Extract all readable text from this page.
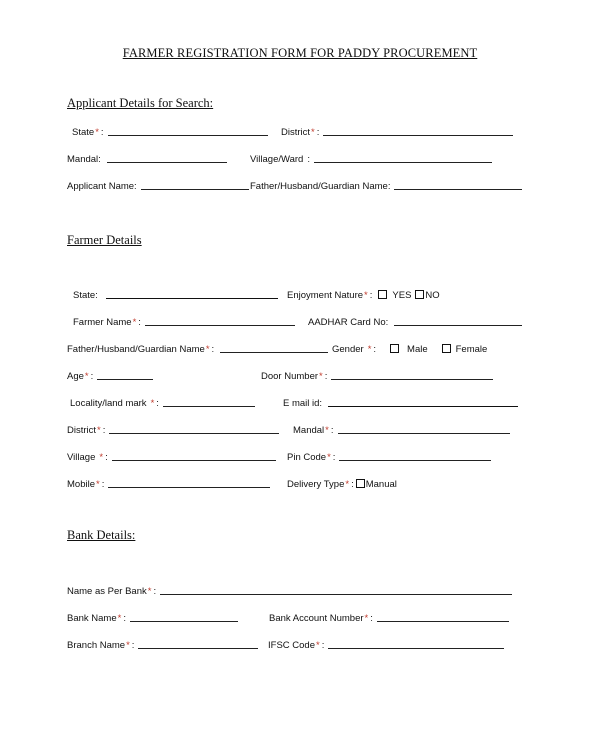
FARMER REGISTRATION FORM FOR PADDY PROCUREMENT
Applicant Details for Search:
State * :	District * :
Mandal:	Village/Ward :
Applicant Name:	Father/Husband/Guardian Name:
Farmer Details
State:	Enjoyment Nature * : YES NO
Farmer Name * :	AADHAR Card No:
Father/Husband/Guardian Name * :	Gender * :	Male	Female
Age * :	Door Number * :
Locality/land mark * :	E mail id:
District * :	Mandal * :
Village * :	Pin Code * :
Mobile * :	Delivery Type * : Manual
Bank Details:
Name as Per Bank * :
Bank Name * :	Bank Account Number * :
Branch Name * :	IFSC Code * :
